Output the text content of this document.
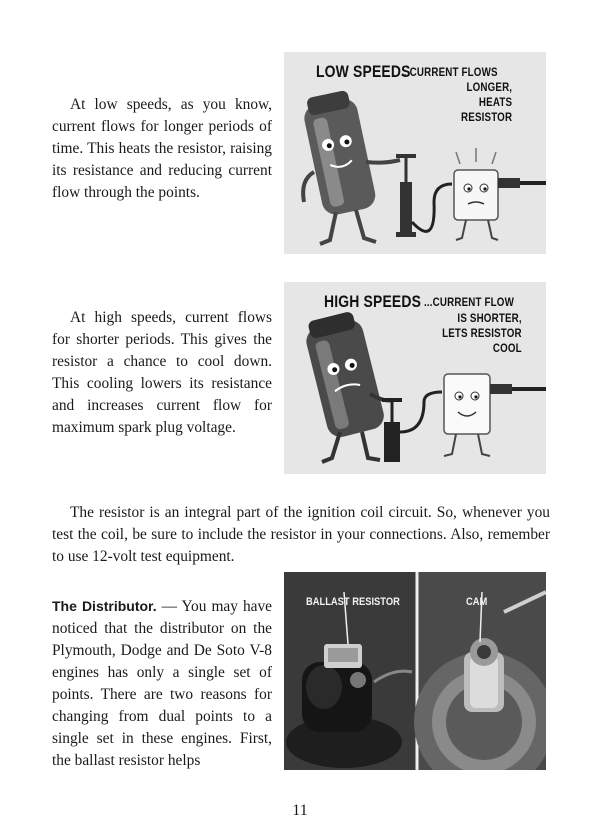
At low speeds, as you know, current flows for longer periods of time. This heats the resistor, raising its resistance and reducing current flow through the points.

LOW SPEEDS
...CURRENT FLOWS
LONGER,
HEATS
RESISTOR

At high speeds, current flows for shorter periods. This gives the resistor a chance to cool down. This cooling lowers its resistance and increases current flow for maximum spark plug voltage.

HIGH SPEEDS ...CURRENT FLOW
IS SHORTER,
LETS RESISTOR
COOL

The resistor is an integral part of the ignition coil circuit. So, whenever you test the coil, be sure to include the resistor in your connections. Also, remember to use 12-volt test equipment.

The Distributor. — You may have noticed that the distributor on the Plymouth, Dodge and De Soto V-8 engines has only a single set of points. There are two reasons for changing from dual points to a single set in these engines. First, the ballast resistor helps

BALLAST RESISTOR	CAM
11
